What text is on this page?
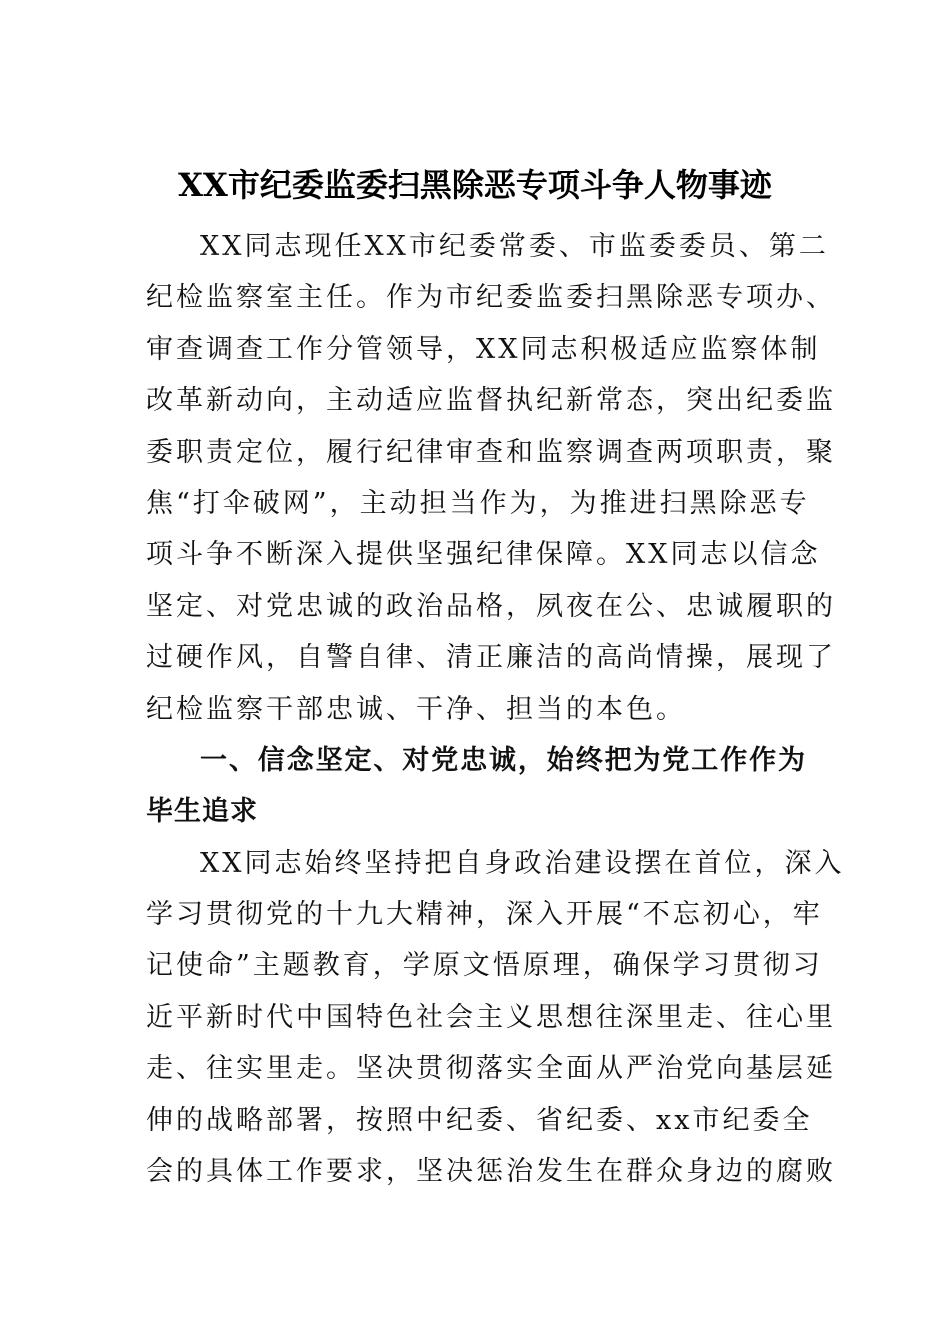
XX市纪委监委扫黑除恶专项斗争人物事迹
XX同志现任XX市纪委常委、市监委委员、第二
纪检监察室主任。作为市纪委监委扫黑除恶专项办、
审查调查工作分管领导，XX同志积极适应监察体制
改革新动向，主动适应监督执纪新常态，突出纪委监
委职责定位，履行纪律审查和监察调查两项职责，聚
焦“打伞破网”，主动担当作为，为推进扫黑除恶专
项斗争不断深入提供坚强纪律保障。XX同志以信念
坚定、对党忠诚的政治品格，夙夜在公、忠诚履职的
过硬作风，自警自律、清正廉洁的高尚情操，展现了
纪检监察干部忠诚、干净、担当的本色。
一、信念坚定、对党忠诚，始终把为党工作作为
毕生追求
XX同志始终坚持把自身政治建设摆在首位，深入
学习贯彻党的十九大精神，深入开展“不忘初心，牢
记使命”主题教育，学原文悟原理，确保学习贯彻习
近平新时代中国特色社会主义思想往深里走、往心里
走、往实里走。坚决贯彻落实全面从严治党向基层延
伸的战略部署，按照中纪委、省纪委、xx市纪委全
会的具体工作要求，坚决惩治发生在群众身边的腐败
